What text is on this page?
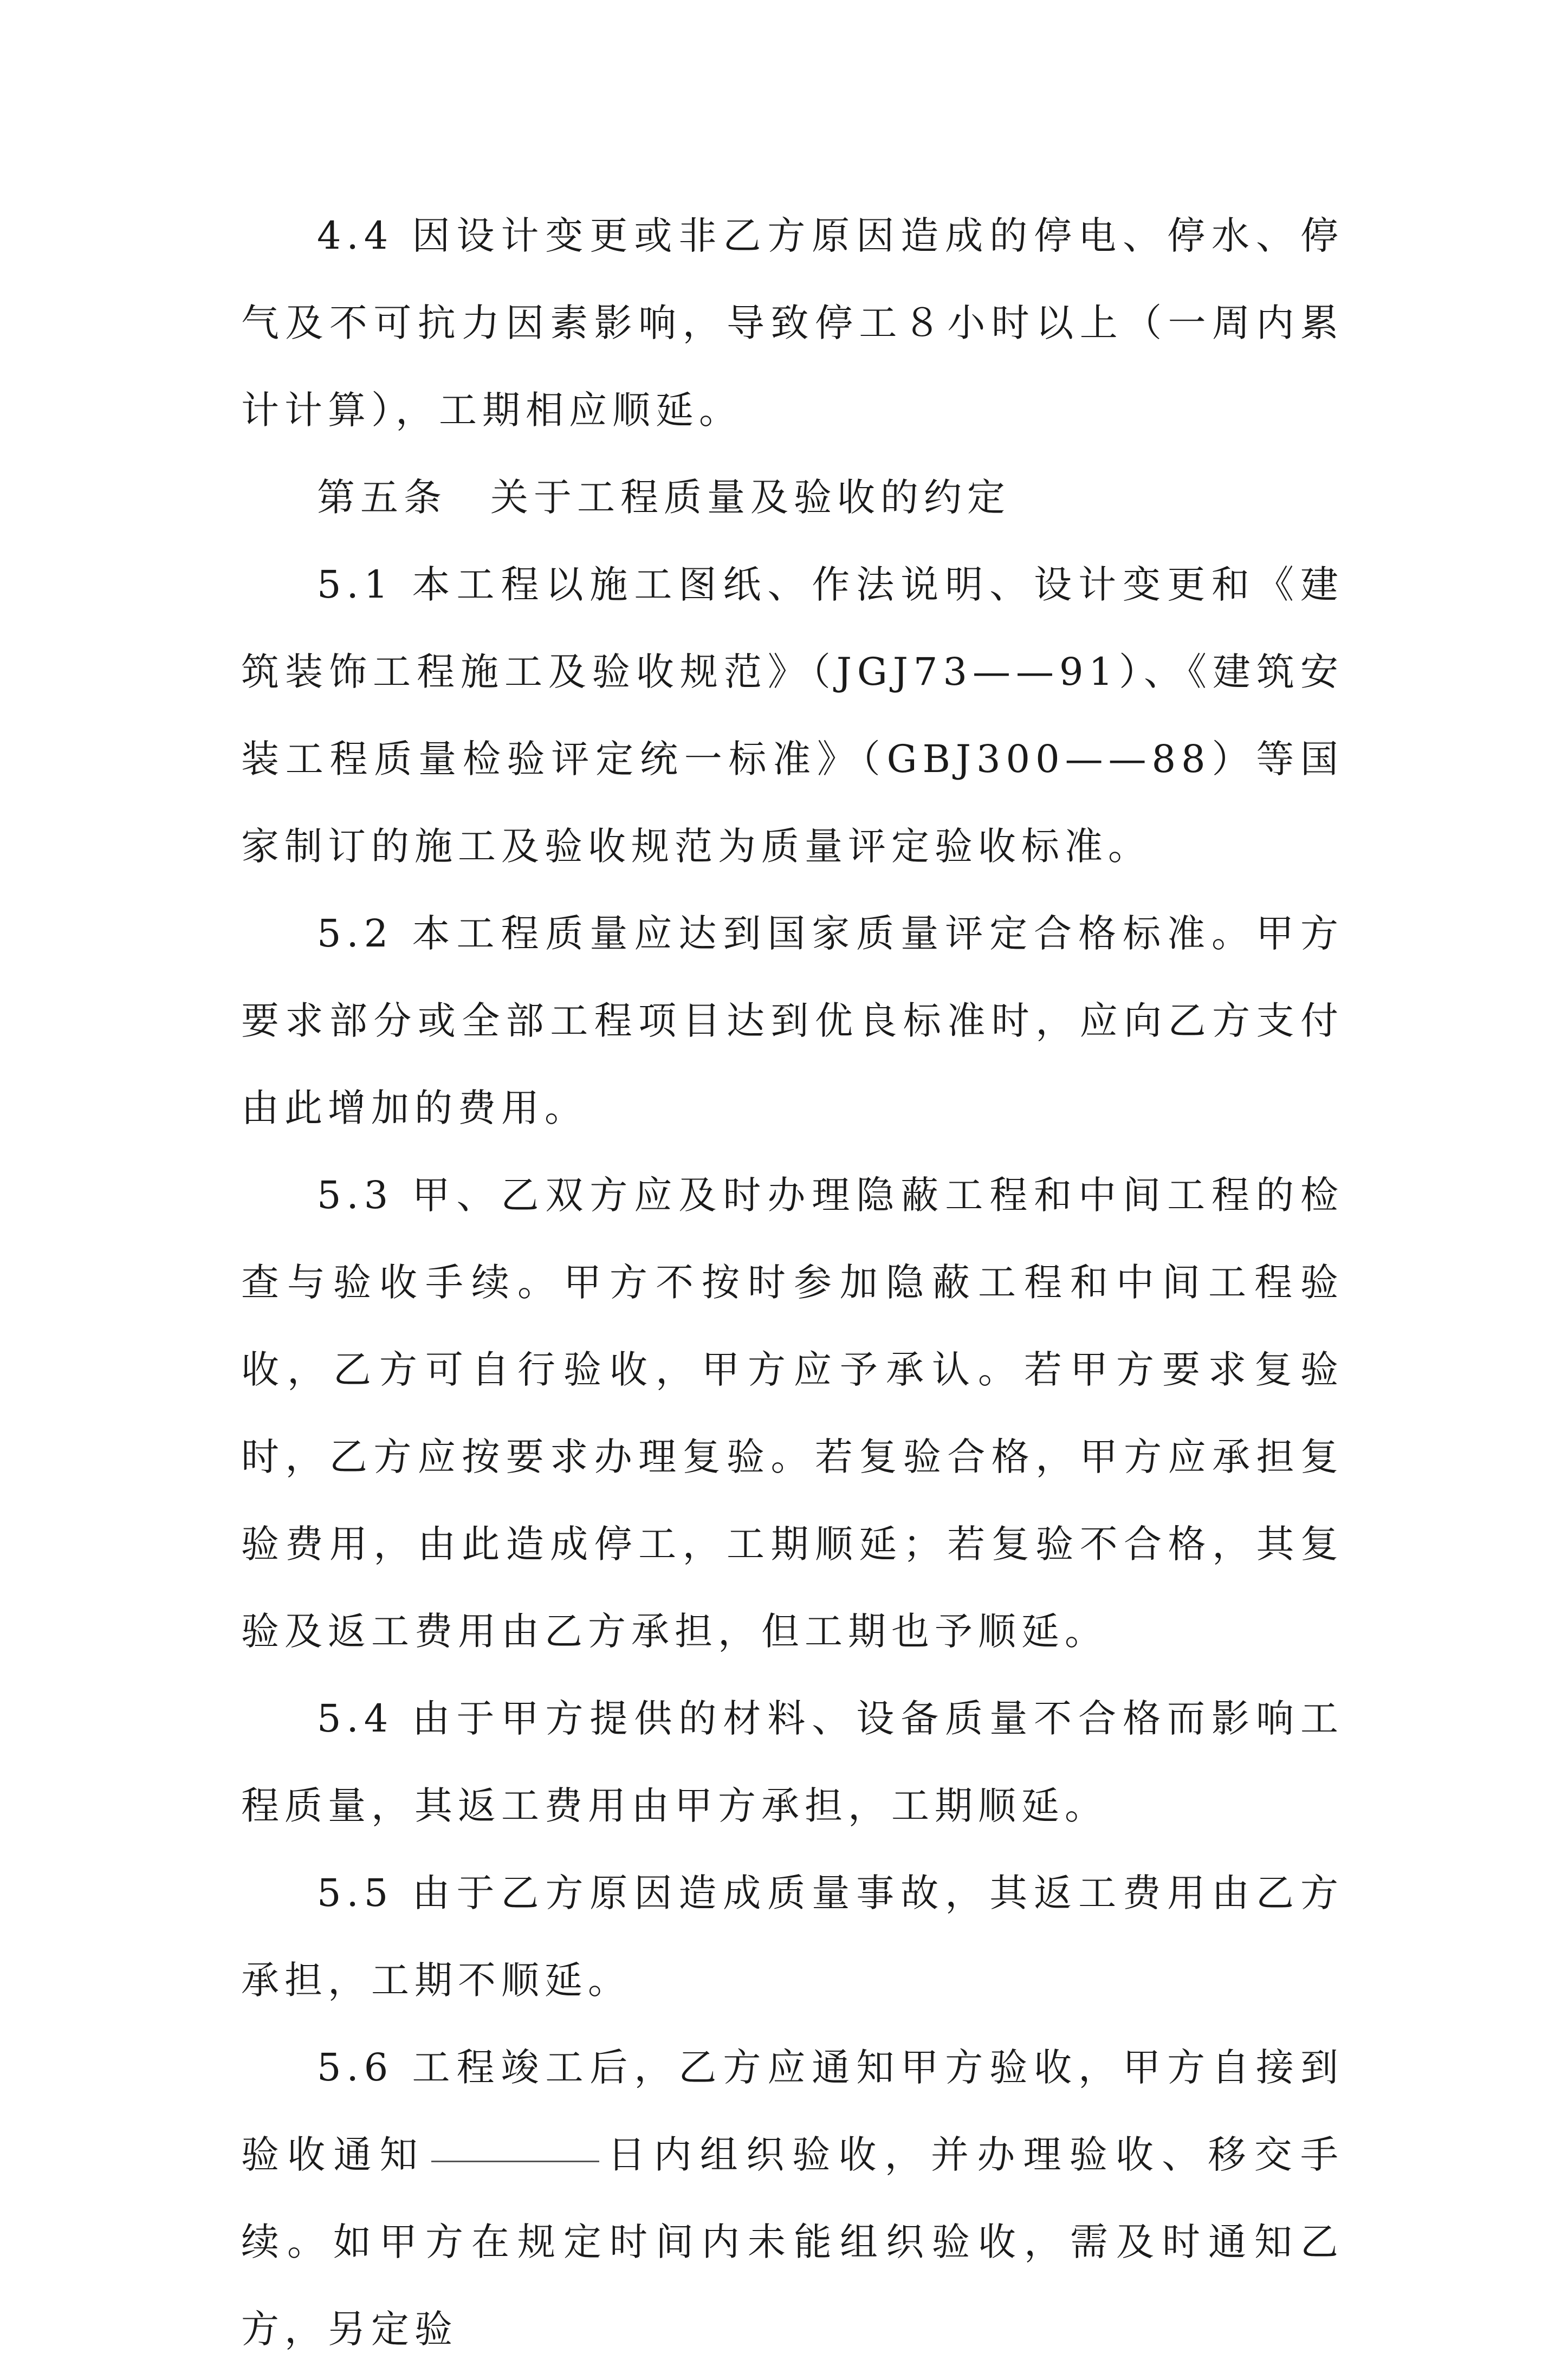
4.4 因设计变更或非乙方原因造成的停电、停水、停气及不可抗力因素影响，导致停工８小时以上（一周内累计计算），工期相应顺延。

第五条　关于工程质量及验收的约定

5.1 本工程以施工图纸、作法说明、设计变更和《建筑装饰工程施工及验收规范》（JGJ73——91）、《建筑安装工程质量检验评定统一标准》（GBJ300——88）等国家制订的施工及验收规范为质量评定验收标准。

5.2 本工程质量应达到国家质量评定合格标准。甲方要求部分或全部工程项目达到优良标准时，应向乙方支付由此增加的费用。

5.3 甲、乙双方应及时办理隐蔽工程和中间工程的检查与验收手续。甲方不按时参加隐蔽工程和中间工程验收，乙方可自行验收，甲方应予承认。若甲方要求复验时，乙方应按要求办理复验。若复验合格，甲方应承担复验费用，由此造成停工，工期顺延；若复验不合格，其复验及返工费用由乙方承担，但工期也予顺延。

5.4 由于甲方提供的材料、设备质量不合格而影响工程质量，其返工费用由甲方承担，工期顺延。

5.5 由于乙方原因造成质量事故，其返工费用由乙方承担，工期不顺延。

5.6 工程竣工后，乙方应通知甲方验收，甲方自接到验收通知	日内组织验收，并办理验收、移交手续。如甲方在规定时间内未能组织验收，需及时通知乙方，另定验
